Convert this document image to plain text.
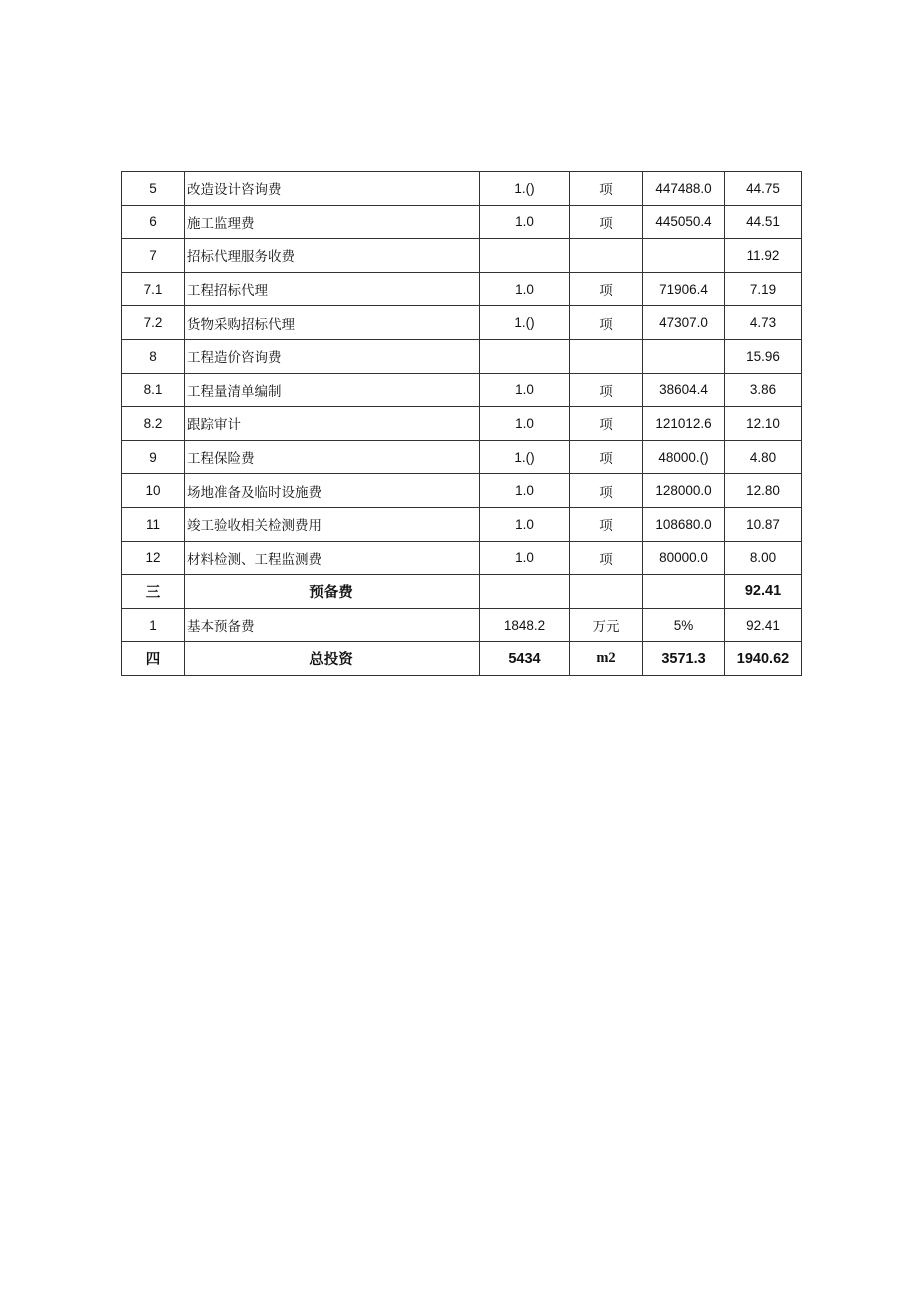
5	改造设计咨询费	1.()	项	447488.0	44.75
6	施工监理费	1.0	项	445050.4	44.51
7	招标代理服务收费				11.92
7.1	工程招标代理	1.0	项	71906.4	7.19
7.2	货物采购招标代理	1.()	项	47307.0	4.73
8	工程造价咨询费				15.96
8.1	工程量清单编制	1.0	项	38604.4	3.86
8.2	跟踪审计	1.0	项	121012.6	12.10
9	工程保险费	1.()	项	48000.()	4.80
10	场地准备及临时设施费	1.0	项	128000.0	12.80
11	竣工验收相关检测费用	1.0	项	108680.0	10.87
12	材料检测、工程监测费	1.0	项	80000.0	8.00
三	预备费				92.41
1	基本预备费	1848.2	万元	5%	92.41
四	总投资	5434	m2	3571.3	1940.62
